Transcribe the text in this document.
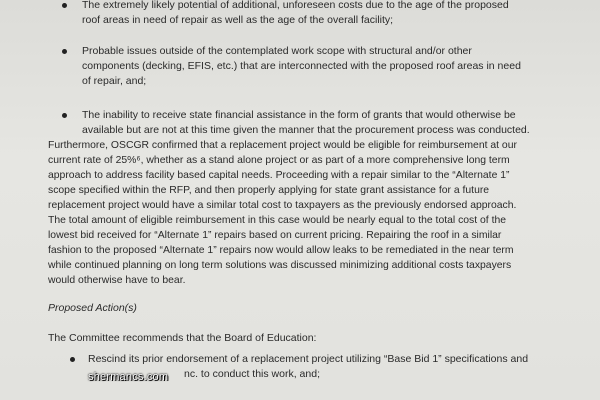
The extremely likely potential of additional, unforeseen costs due to the age of the proposed
roof areas in need of repair as well as the age of the overall facility;
Probable issues outside of the contemplated work scope with structural and/or other
components (decking, EFIS, etc.) that are interconnected with the proposed roof areas in need
of repair, and;
The inability to receive state financial assistance in the form of grants that would otherwise be
available but are not at this time given the manner that the procurement process was conducted.
Furthermore, OSCGR confirmed that a replacement project would be eligible for reimbursement at our
current rate of 25%⁶, whether as a stand alone project or as part of a more comprehensive long term
approach to address facility based capital needs. Proceeding with a repair similar to the “Alternate 1”
scope specified within the RFP, and then properly applying for state grant assistance for a future
replacement project would have a similar total cost to taxpayers as the previously endorsed approach.
The total amount of eligible reimbursement in this case would be nearly equal to the total cost of the
lowest bid received for “Alternate 1” repairs based on current pricing. Repairing the roof in a similar
fashion to the proposed “Alternate 1” repairs now would allow leaks to be remediated in the near term
while continued planning on long term solutions was discussed minimizing additional costs taxpayers
would otherwise have to bear.
Proposed Action(s)
The Committee recommends that the Board of Education:
Rescind its prior endorsement of a replacement project utilizing “Base Bid 1” specifications and
nc. to conduct this work, and;
shermancs.com
